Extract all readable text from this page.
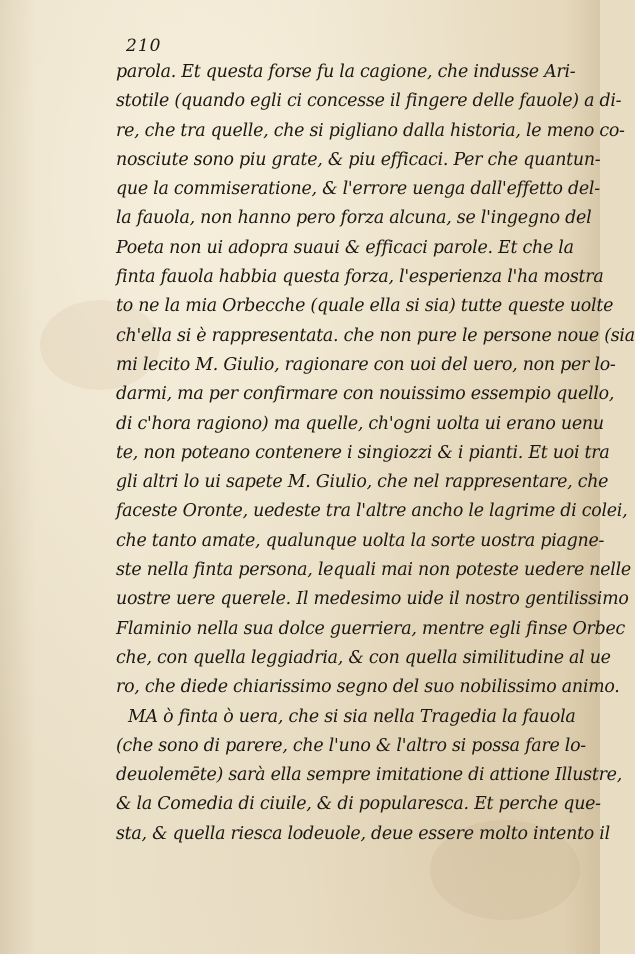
210
parola. Et questa forse fu la cagione, che indusse Ari-
stotile (quando egli ci concesse il fingere delle fauole) a di-
re, che tra quelle, che si pigliano dalla historia, le meno co-
nosciute sono piu grate, & piu efficaci. Per che quantun-
que la commiseratione, & l'errore uenga dall'effetto del-
la fauola, non hanno pero forza alcuna, se l'ingegno del
Poeta non ui adopra suaui & efficaci parole. Et che la
finta fauola habbia questa forza, l'esperienza l'ha mostra
to ne la mia Orbecche (quale ella si sia) tutte queste uolte
ch'ella si è rappresentata. che non pure le persone noue (sia
mi lecito M. Giulio, ragionare con uoi del uero, non per lo-
darmi, ma per confirmare con nouissimo essempio quello,
di c'hora ragiono) ma quelle, ch'ogni uolta ui erano uenu
te, non poteano contenere i singiozzi & i pianti. Et uoi tra
gli altri lo ui sapete M. Giulio, che nel rappresentare, che
faceste Oronte, uedeste tra l'altre ancho le lagrime di colei,
che tanto amate, qualunque uolta la sorte uostra piagne-
ste nella finta persona, lequali mai non poteste uedere nelle
uostre uere querele. Il medesimo uide il nostro gentilissimo
Flaminio nella sua dolce guerriera, mentre egli finse Orbec
che, con quella leggiadria, & con quella similitudine al ue
ro, che diede chiarissimo segno del suo nobilissimo animo.
MA ò finta ò uera, che si sia nella Tragedia la fauola
(che sono di parere, che l'uno & l'altro si possa fare lo-
deuolemēte) sarà ella sempre imitatione di attione Illustre,
& la Comedia di ciuile, & di popularesca. Et perche que-
sta, & quella riesca lodeuole, deue essere molto intento il
